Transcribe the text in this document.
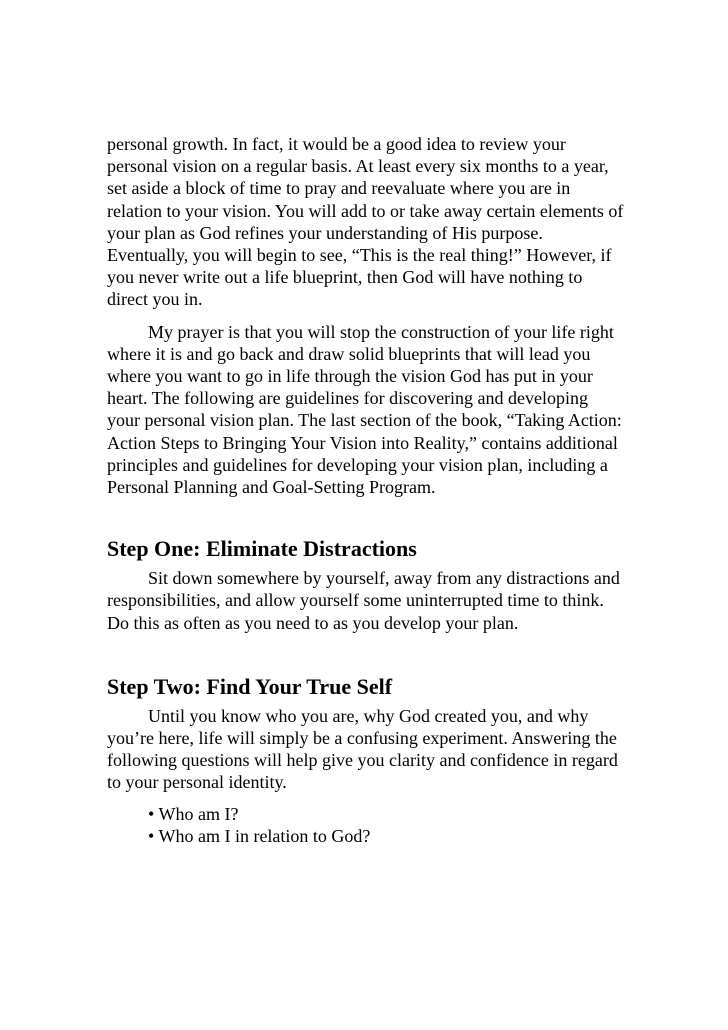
personal growth. In fact, it would be a good idea to review your personal vision on a regular basis. At least every six months to a year, set aside a block of time to pray and reevaluate where you are in relation to your vision. You will add to or take away certain elements of your plan as God refines your understanding of His purpose. Eventually, you will begin to see, “This is the real thing!” However, if you never write out a life blueprint, then God will have nothing to direct you in.

My prayer is that you will stop the construction of your life right where it is and go back and draw solid blueprints that will lead you where you want to go in life through the vision God has put in your heart. The following are guidelines for discovering and developing your personal vision plan. The last section of the book, “Taking Action: Action Steps to Bringing Your Vision into Reality,” contains additional principles and guidelines for developing your vision plan, including a Personal Planning and Goal-Setting Program.

Step One: Eliminate Distractions

Sit down somewhere by yourself, away from any distractions and responsibilities, and allow yourself some uninterrupted time to think. Do this as often as you need to as you develop your plan.

Step Two: Find Your True Self

Until you know who you are, why God created you, and why you’re here, life will simply be a confusing experiment. Answering the following questions will help give you clarity and confidence in regard to your personal identity.

• Who am I?
• Who am I in relation to God?
